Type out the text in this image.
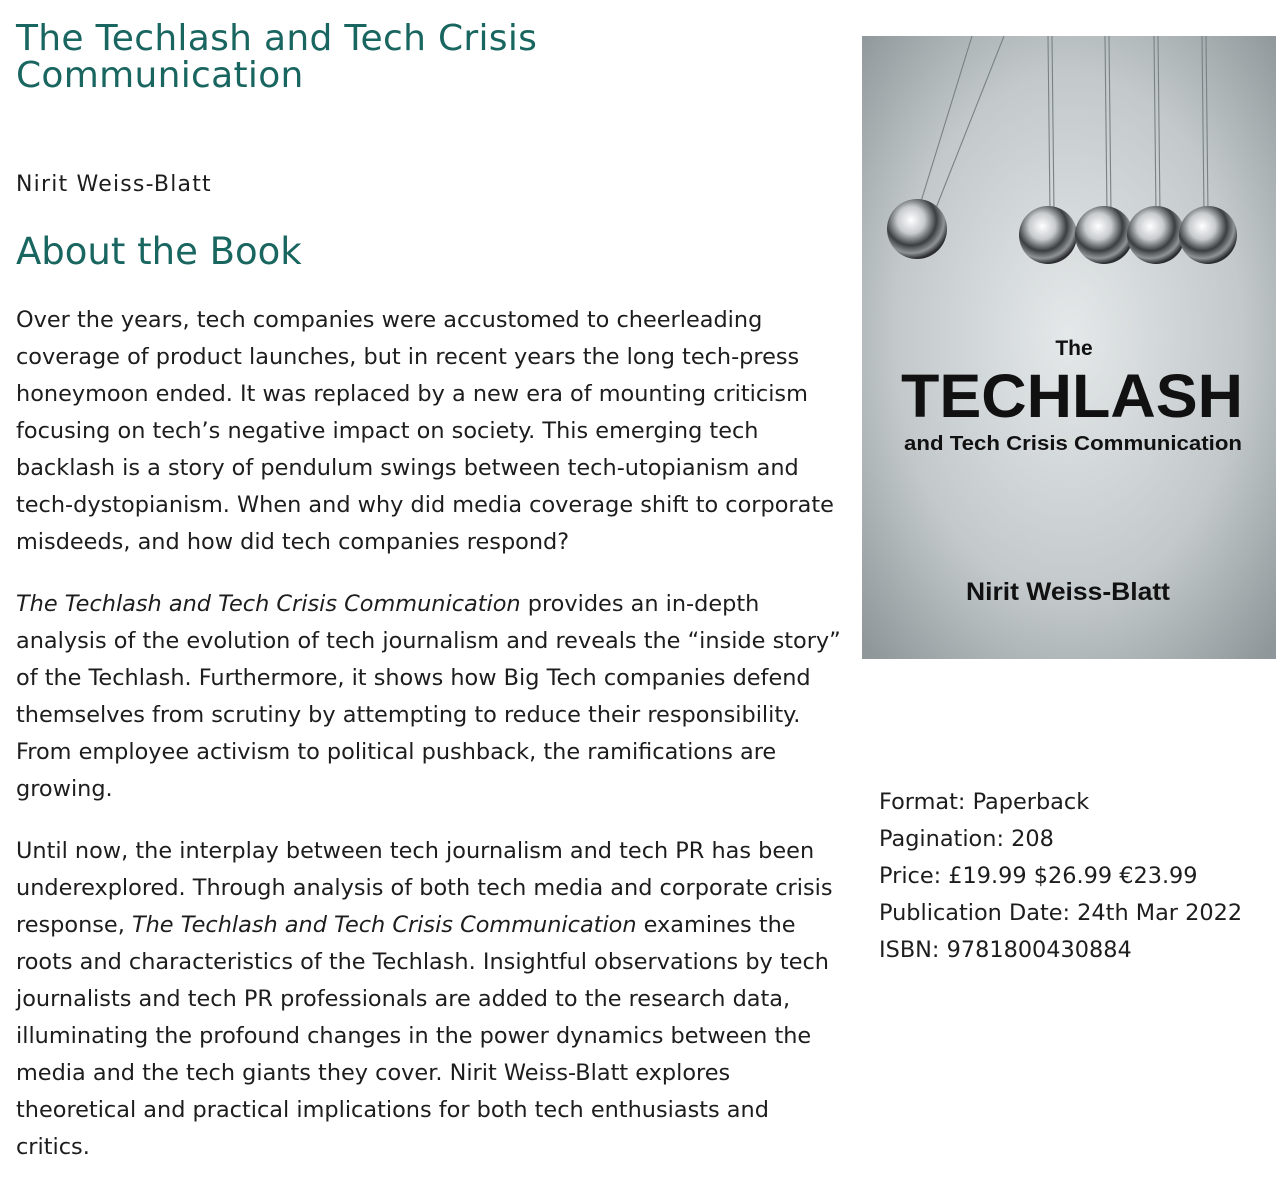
The Techlash and Tech Crisis Communication
Nirit Weiss-Blatt
About the Book

Over the years, tech companies were accustomed to cheerleading coverage of product launches, but in recent years the long tech-press honeymoon ended. It was replaced by a new era of mounting criticism focusing on tech’s negative impact on society. This emerging tech backlash is a story of pendulum swings between tech-utopianism and tech-dystopianism. When and why did media coverage shift to corporate misdeeds, and how did tech companies respond?

The Techlash and Tech Crisis Communication provides an in-depth analysis of the evolution of tech journalism and reveals the “inside story” of the Techlash. Furthermore, it shows how Big Tech companies defend themselves from scrutiny by attempting to reduce their responsibility. From employee activism to political pushback, the ramifications are growing.

Until now, the interplay between tech journalism and tech PR has been underexplored. Through analysis of both tech media and corporate crisis response, The Techlash and Tech Crisis Communication examines the roots and characteristics of the Techlash. Insightful observations by tech journalists and tech PR professionals are added to the research data, illuminating the profound changes in the power dynamics between the media and the tech giants they cover. Nirit Weiss-Blatt explores theoretical and practical implications for both tech enthusiasts and critics.

The
TECHLASH
and Tech Crisis Communication
Nirit Weiss-Blatt
Format: Paperback
Pagination: 208
Price: £19.99 $26.99 €23.99
Publication Date: 24th Mar 2022
ISBN: 9781800430884
